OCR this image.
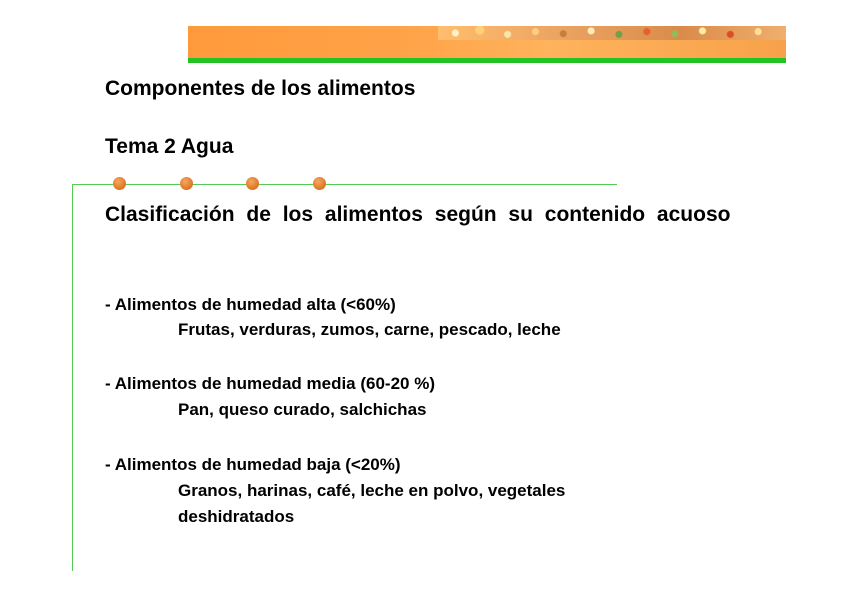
Componentes de los alimentos
Tema 2 Agua

Clasificación de los alimentos según su contenido acuoso

- Alimentos de humedad alta (<60%)

Frutas, verduras, zumos, carne, pescado, leche

- Alimentos de humedad media (60-20 %)

Pan, queso curado, salchichas

- Alimentos de humedad baja (<20%)

Granos, harinas, café, leche en polvo, vegetales deshidratados
